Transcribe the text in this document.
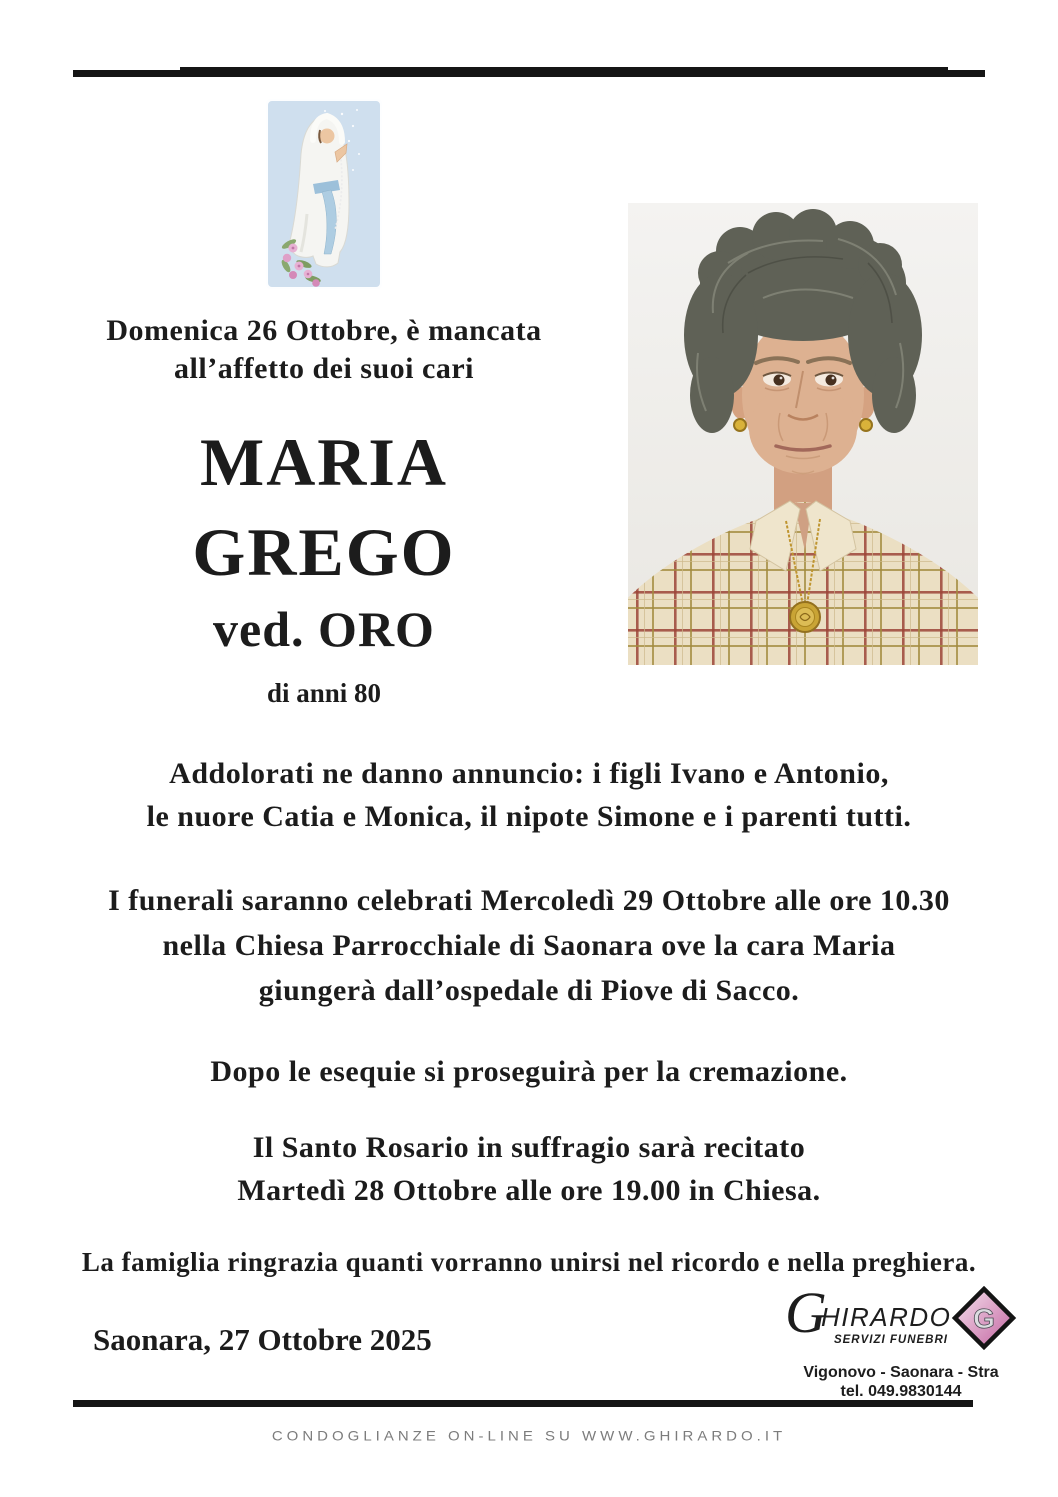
Domenica 26 Ottobre, è mancata
all’affetto dei suoi cari
MARIA
GREGO
ved. ORO
di anni 80
Addolorati ne danno annuncio: i figli Ivano e Antonio,
le nuore Catia e Monica, il nipote Simone e i parenti tutti.
I funerali saranno celebrati Mercoledì 29 Ottobre alle ore 10.30
nella Chiesa Parrocchiale di Saonara ove la cara Maria
giungerà dall’ospedale di Piove di Sacco.
Dopo le esequie si proseguirà per la cremazione.
Il Santo Rosario in suffragio sarà recitato
Martedì 28 Ottobre alle ore 19.00 in Chiesa.
La famiglia ringrazia quanti vorranno unirsi nel ricordo e nella preghiera.
Saonara, 27 Ottobre 2025	G
HIRARDO
SERVIZI FUNEBRI
G
Vigonovo - Saonara - Stra
tel. 049.9830144
CONDOGLIANZE ON-LINE SU WWW.GHIRARDO.IT
